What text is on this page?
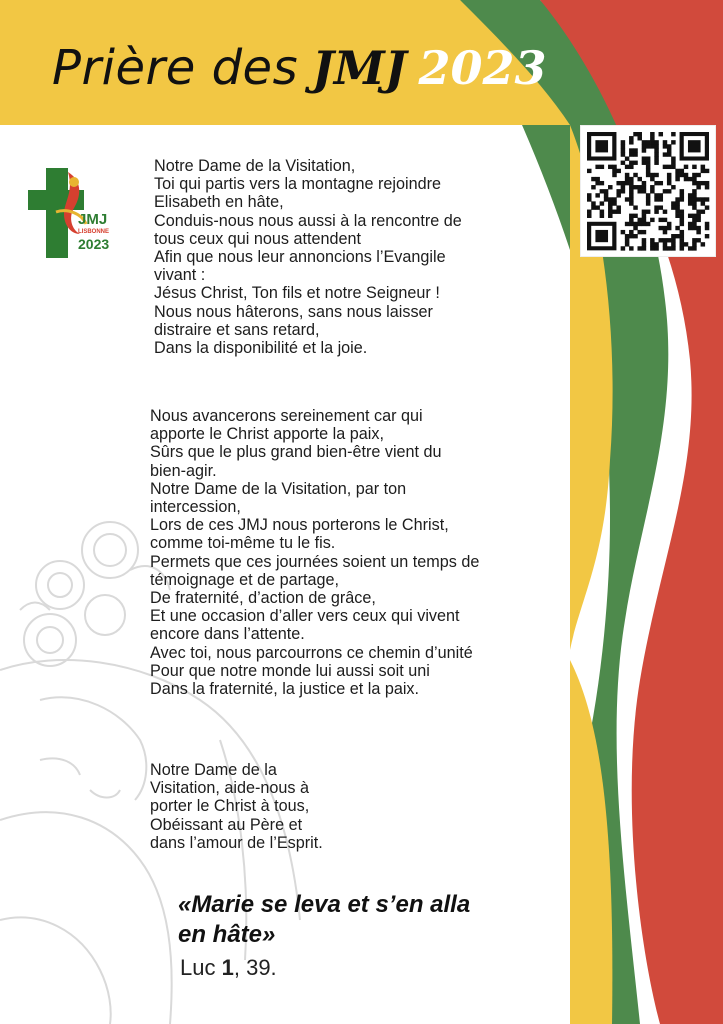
Prière des JMJ 2023
JMJ
LISBONNE
2023
Notre Dame de la Visitation,
Toi qui partis vers la montagne rejoindre
Elisabeth en hâte,
Conduis-nous nous aussi à la rencontre de
tous ceux qui nous attendent
Afin que nous leur annoncions l’Evangile
vivant :
Jésus Christ, Ton fils et notre Seigneur !
Nous nous hâterons, sans nous laisser
distraire et sans retard,
Dans la disponibilité et la joie.
Nous avancerons sereinement car qui
apporte le Christ apporte la paix,
Sûrs que le plus grand bien-être vient du
bien-agir.
Notre Dame de la Visitation, par ton
intercession,
Lors de ces JMJ nous porterons le Christ,
comme toi-même tu le fis.
Permets que ces journées soient un temps de
témoignage et de partage,
De fraternité, d’action de grâce,
Et une occasion d’aller vers ceux qui vivent
encore dans l’attente.
Avec toi, nous parcourrons ce chemin d’unité
Pour que notre monde lui aussi soit uni
Dans la fraternité, la justice et la paix.
Notre Dame de la
Visitation, aide-nous à
porter le Christ à tous,
Obéissant au Père et
dans l’amour de l’Esprit.
«Marie se leva et s’en alla
en hâte»
Luc 1, 39.
